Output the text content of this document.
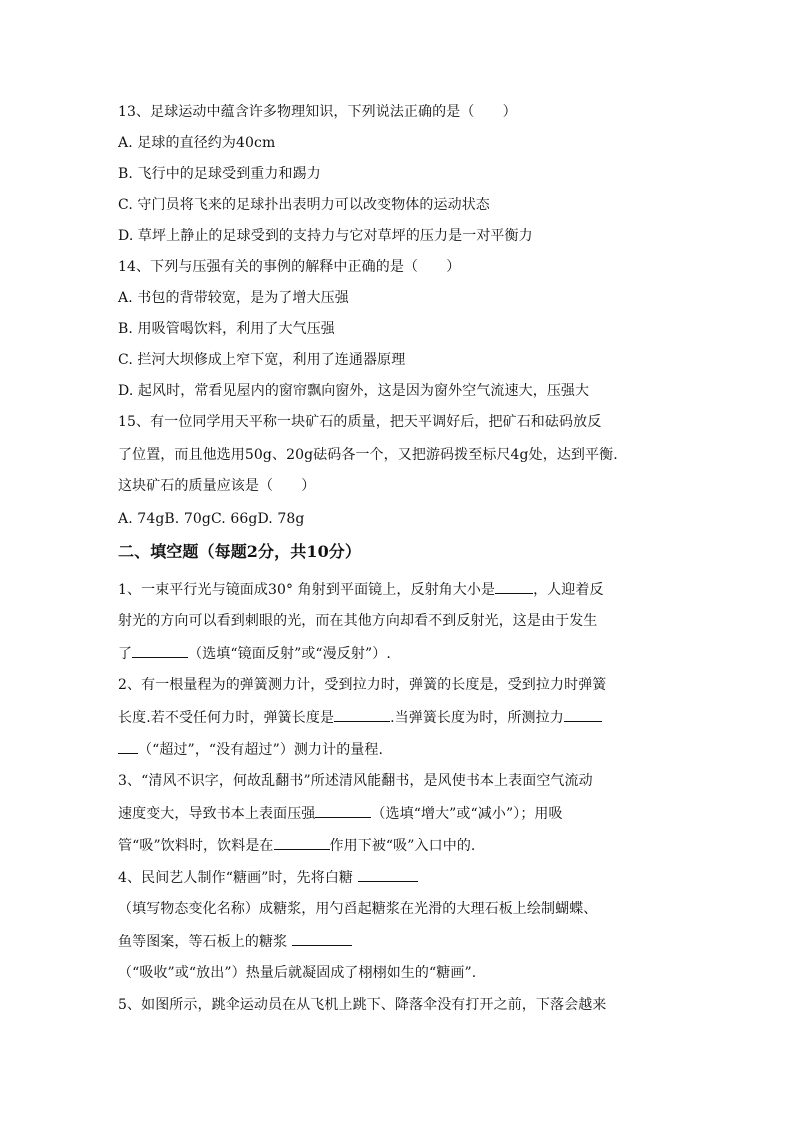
13、足球运动中蕴含许多物理知识，下列说法正确的是（　　）
A. 足球的直径约为40cm
B. 飞行中的足球受到重力和踢力
C. 守门员将飞来的足球扑出表明力可以改变物体的运动状态
D. 草坪上静止的足球受到的支持力与它对草坪的压力是一对平衡力
14、下列与压强有关的事例的解释中正确的是（　　）
A. 书包的背带较宽，是为了增大压强
B. 用吸管喝饮料，利用了大气压强
C. 拦河大坝修成上窄下宽，利用了连通器原理
D. 起风时，常看见屋内的窗帘飘向窗外，这是因为窗外空气流速大，压强大
15、有一位同学用天平称一块矿石的质量，把天平调好后，把矿石和砝码放反
了位置，而且他选用50g、20g砝码各一个，又把游码拨至标尺4g处，达到平衡.
这块矿石的质量应该是（　　）
A. 74gB. 70gC. 66gD. 78g
二、填空题（每题2分，共10分）
1、一束平行光与镜面成30° 角射到平面镜上，反射角大小是	，人迎着反
射光的方向可以看到刺眼的光，而在其他方向却看不到反射光，这是由于发生
了	（选填“镜面反射”或“漫反射”）.
2、有一根量程为的弹簧测力计，受到拉力时，弹簧的长度是，受到拉力时弹簧
长度.若不受任何力时，弹簧长度是	.当弹簧长度为时，所测拉力
（“超过”，“没有超过”）测力计的量程.
3、“清风不识字，何故乱翻书”所述清风能翻书，是风使书本上表面空气流动
速度变大，导致书本上表面压强	（选填“增大”或“减小”）；用吸
管“吸”饮料时，饮料是在	作用下被“吸”入口中的.
4、民间艺人制作“糖画”时，先将白糖
（填写物态变化名称）成糖浆，用勺舀起糖浆在光滑的大理石板上绘制蝴蝶、
鱼等图案，等石板上的糖浆
（“吸收”或“放出”）热量后就凝固成了栩栩如生的“糖画”.
5、如图所示，跳伞运动员在从飞机上跳下、降落伞没有打开之前，下落会越来
